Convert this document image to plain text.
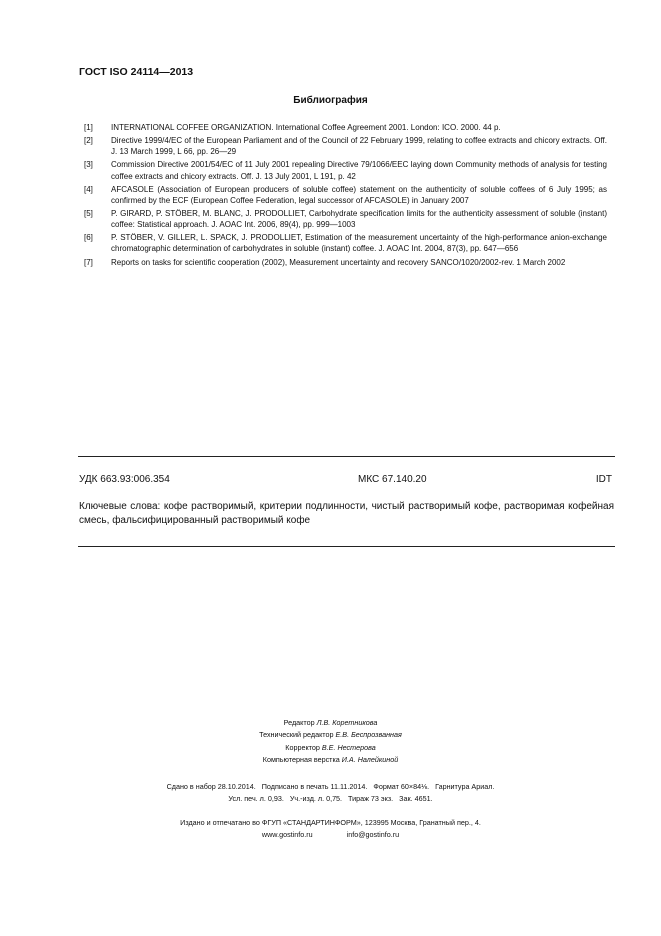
ГОСТ ISO 24114—2013
Библиография
[1]	INTERNATIONAL COFFEE ORGANIZATION. International Coffee Agreement 2001. London: ICO. 2000. 44 p.
[2]	Directive 1999/4/EC of the European Parliament and of the Council of 22 February 1999, relating to coffee extracts and chicory extracts. Off. J. 13 March 1999, L 66, pp. 26—29
[3]	Commission Directive 2001/54/EC of 11 July 2001 repealing Directive 79/1066/EEC laying down Community methods of analysis for testing coffee extracts and chicory extracts. Off. J. 13 July 2001, L 191, p. 42
[4]	AFCASOLE (Association of European producers of soluble coffee) statement on the authenticity of soluble coffees of 6 July 1995; as confirmed by the ECF (European Coffee Federation, legal successor of AFCASOLE) in January 2007
[5]	P. GIRARD, P. STÖBER, M. BLANC, J. PRODOLLIET, Carbohydrate specification limits for the authenticity assessment of soluble (instant) coffee: Statistical approach. J. AOAC Int. 2006, 89(4), pp. 999—1003
[6]	P. STÖBER, V. GILLER, L. SPACK, J. PRODOLLIET, Estimation of the measurement uncertainty of the high-performance anion-exchange chromatographic determination of carbohydrates in soluble (instant) coffee. J. AOAC Int. 2004, 87(3), pp. 647—656
[7]	Reports on tasks for scientific cooperation (2002), Measurement uncertainty and recovery SANCO/1020/2002-rev. 1 March 2002
УДК 663.93:006.354	МКС 67.140.20	IDT
Ключевые слова: кофе растворимый, критерии подлинности, чистый растворимый кофе, растворимая кофейная смесь, фальсифицированный растворимый кофе
Редактор Л.В. Коретникова
Технический редактор Е.В. Беспрозванная
Корректор В.Е. Нестерова
Компьютерная верстка И.А. Налейкиной
Сдано в набор 28.10.2014.   Подписано в печать 11.11.2014.   Формат 60×84⅛.   Гарнитура Ариал.
Усл. печ. л. 0,93.   Уч.-изд. л. 0,75.   Тираж 73 экз.   Зак. 4651.
Издано и отпечатано во ФГУП «СТАНДАРТИНФОРМ», 123995 Москва, Гранатный пер., 4.
www.gostinfo.ru	info@gostinfo.ru
